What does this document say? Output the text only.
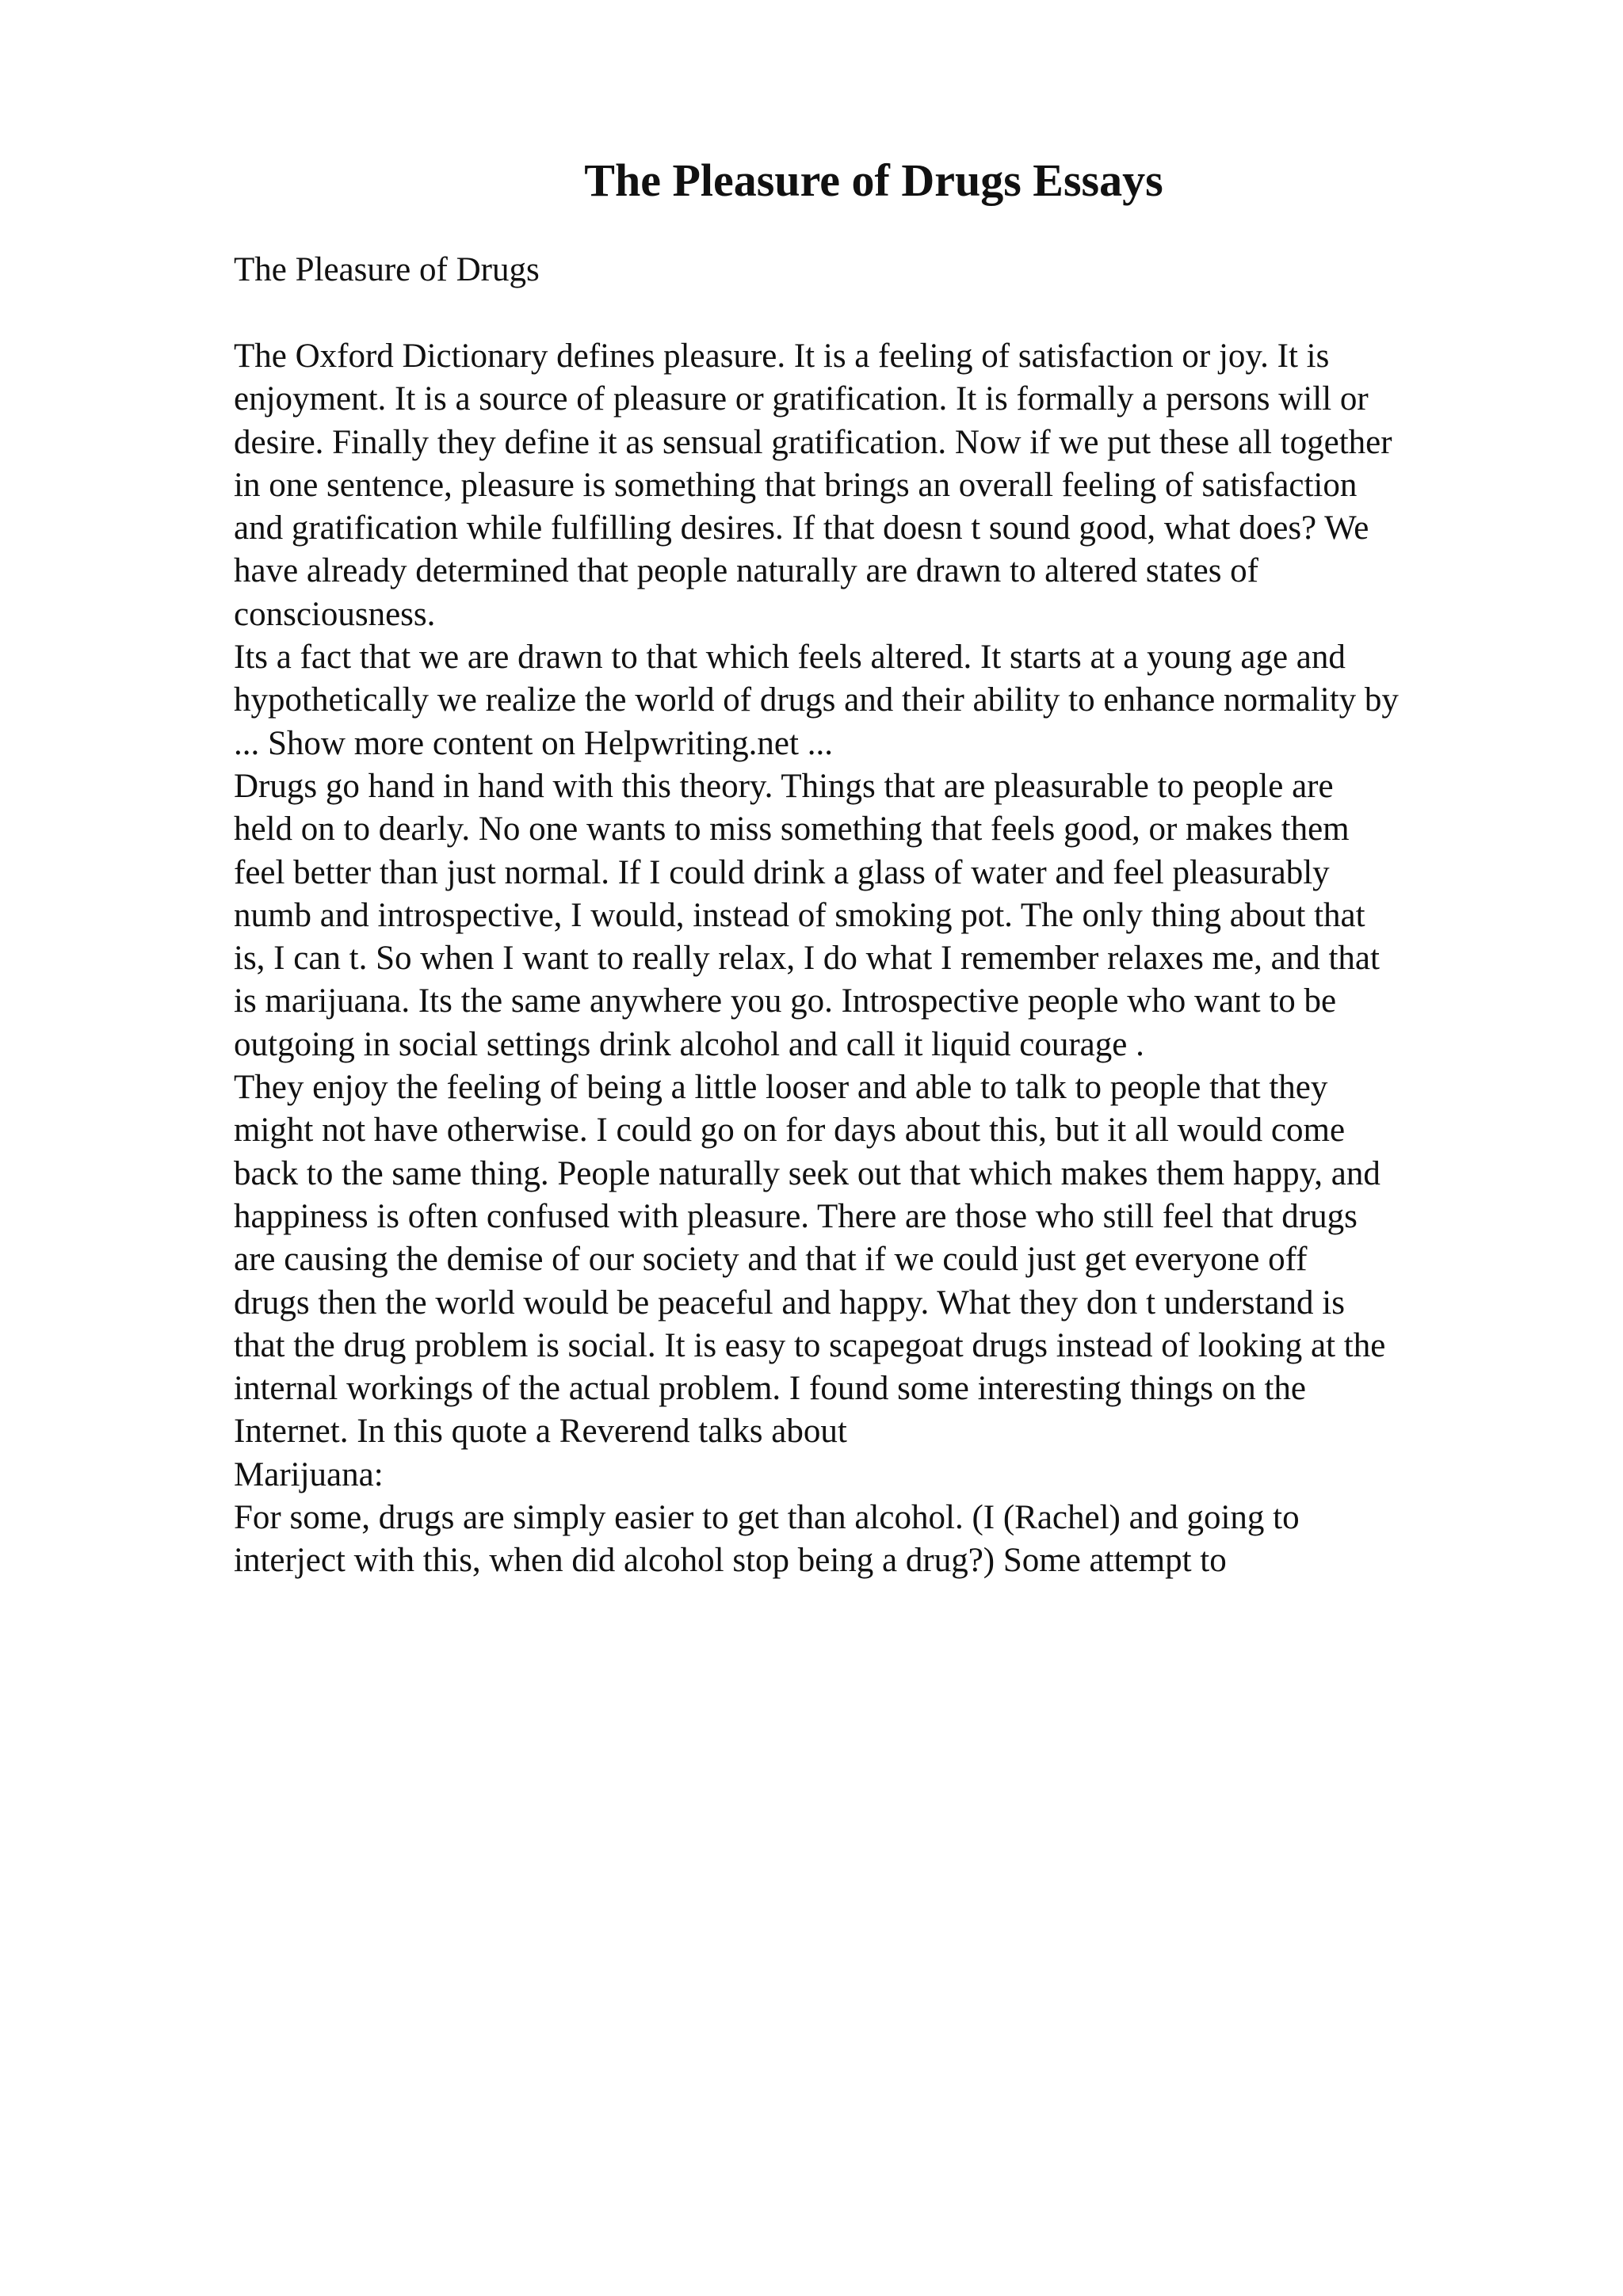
The Pleasure of Drugs Essays

The Pleasure of Drugs

The Oxford Dictionary defines pleasure. It is a feeling of satisfaction or joy. It is
enjoyment. It is a source of pleasure or gratification. It is formally a persons will or
desire. Finally they define it as sensual gratification. Now if we put these all together
in one sentence, pleasure is something that brings an overall feeling of satisfaction
and gratification while fulfilling desires. If that doesn t sound good, what does? We
have already determined that people naturally are drawn to altered states of
consciousness.
Its a fact that we are drawn to that which feels altered. It starts at a young age and
hypothetically we realize the world of drugs and their ability to enhance normality by
... Show more content on Helpwriting.net ...
Drugs go hand in hand with this theory. Things that are pleasurable to people are
held on to dearly. No one wants to miss something that feels good, or makes them
feel better than just normal. If I could drink a glass of water and feel pleasurably
numb and introspective, I would, instead of smoking pot. The only thing about that
is, I can t. So when I want to really relax, I do what I remember relaxes me, and that
is marijuana. Its the same anywhere you go. Introspective people who want to be
outgoing in social settings drink alcohol and call it liquid courage .
They enjoy the feeling of being a little looser and able to talk to people that they
might not have otherwise. I could go on for days about this, but it all would come
back to the same thing. People naturally seek out that which makes them happy, and
happiness is often confused with pleasure. There are those who still feel that drugs
are causing the demise of our society and that if we could just get everyone off
drugs then the world would be peaceful and happy. What they don t understand is
that the drug problem is social. It is easy to scapegoat drugs instead of looking at the
internal workings of the actual problem. I found some interesting things on the
Internet. In this quote a Reverend talks about
Marijuana:
For some, drugs are simply easier to get than alcohol. (I (Rachel) and going to
interject with this, when did alcohol stop being a drug?) Some attempt to
